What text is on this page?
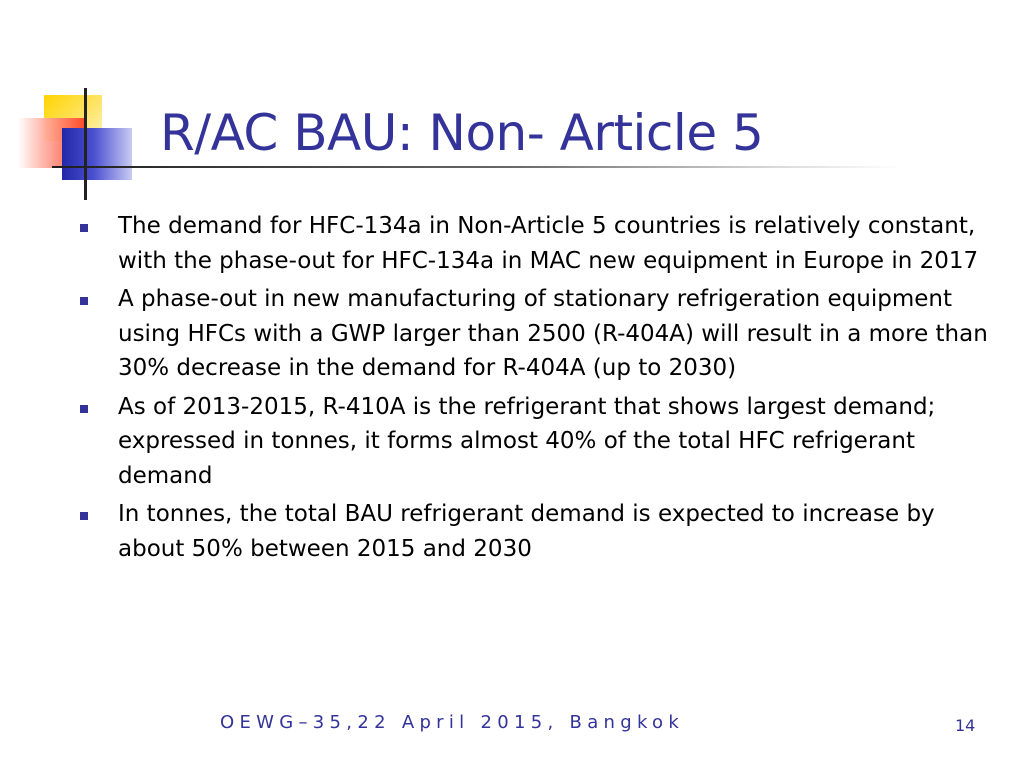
R/AC BAU: Non- Article 5
The demand for HFC-134a in Non-Article 5 countries is relatively constant, with the phase-out for HFC-134a in MAC new equipment in Europe in 2017
A phase-out in new manufacturing of stationary refrigeration equipment using HFCs with a GWP larger than 2500 (R-404A) will result in a more than 30% decrease in the demand for R-404A (up to 2030)
As of 2013-2015, R-410A is the refrigerant that shows largest demand; expressed in tonnes, it forms almost 40% of the total HFC refrigerant demand
In tonnes, the total BAU refrigerant demand is expected to increase by about 50% between 2015 and 2030
OEWG–35,22 April 2015, Bangkok	14
